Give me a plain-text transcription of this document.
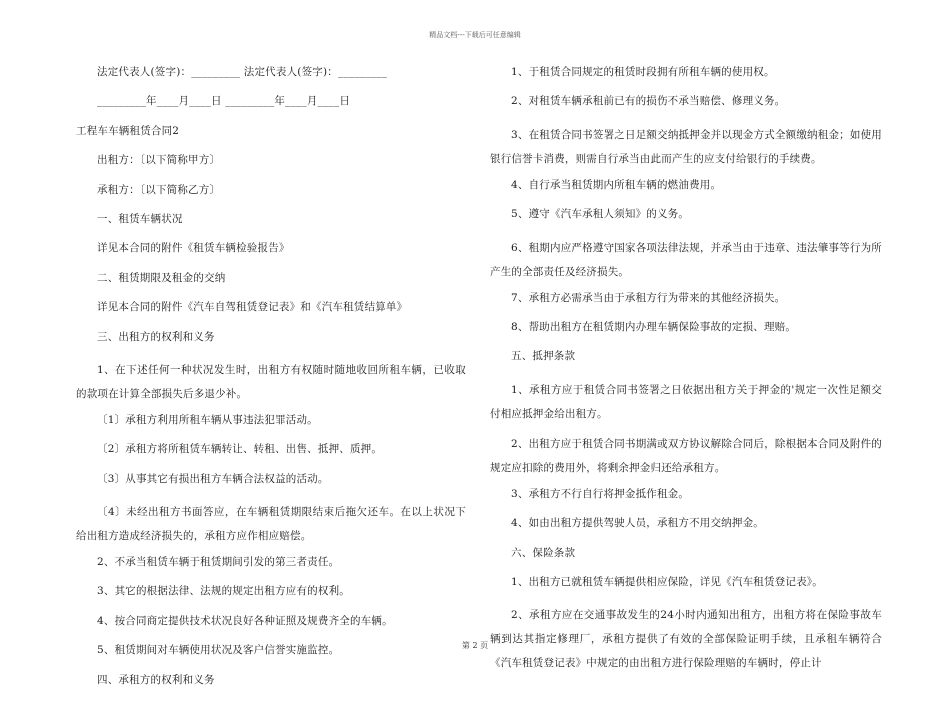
精品文档---下载后可任意编辑

法定代表人(签字)：_________ 法定代表人(签字)：_________

_________年____月____日 _________年____月____日

工程车车辆租赁合同2

出租方：〔以下简称甲方〕

承租方：〔以下简称乙方〕

一、租赁车辆状况

详见本合同的附件《租赁车辆检验报告》

二、租赁期限及租金的交纳

详见本合同的附件《汽车自驾租赁登记表》和《汽车租赁结算单》

三、出租方的权利和义务

1、在下述任何一种状况发生时，出租方有权随时随地收回所租车辆，已收取的款项在计算全部损失后多退少补。

〔1〕承租方利用所租车辆从事违法犯罪活动。

〔2〕承租方将所租赁车辆转让、转租、出售、抵押、质押。

〔3〕从事其它有损出租方车辆合法权益的活动。

〔4〕未经出租方书面答应，在车辆租赁期限结束后拖欠还车。在以上状况下给出租方造成经济损失的，承租方应作相应赔偿。

2、不承当租赁车辆于租赁期间引发的第三者责任。

3、其它的根据法律、法规的规定出租方应有的权利。

4、按合同商定提供技术状况良好各种证照及规费齐全的车辆。

5、租赁期间对车辆使用状况及客户信誉实施监控。

四、承租方的权利和义务

1、于租赁合同规定的租赁时段拥有所租车辆的使用权。

2、对租赁车辆承租前已有的损伤不承当赔偿、修理义务。

3、在租赁合同书签署之日足额交纳抵押金并以现金方式全额缴纳租金；如使用银行信誉卡消费，则需自行承当由此而产生的应支付给银行的手续费。

4、自行承当租赁期内所租车辆的燃油费用。

5、遵守《汽车承租人须知》的义务。

6、租期内应严格遵守国家各项法律法规，并承当由于违章、违法肇事等行为所产生的全部责任及经济损失。

7、承租方必需承当由于承租方行为带来的其他经济损失。

8、帮助出租方在租赁期内办理车辆保险事故的定损、理赔。

五、抵押条款

1、承租方应于租赁合同书签署之日依据出租方关于押金的'规定一次性足额交付相应抵押金给出租方。

2、出租方应于租赁合同书期满或双方协议解除合同后，除根据本合同及附件的规定应扣除的费用外，将剩余押金归还给承租方。

3、承租方不行自行将押金抵作租金。

4、如由出租方提供驾驶人员，承租方不用交纳押金。

六、保险条款

1、出租方已就租赁车辆提供相应保险，详见《汽车租赁登记表》。

2、承租方应在交通事故发生的24小时内通知出租方，出租方将在保险事故车辆到达其指定修理厂，承租方提供了有效的全部保险证明手续，且承租车辆符合《汽车租赁登记表》中规定的由出租方进行保险理赔的车辆时，停止计

第 2 页
